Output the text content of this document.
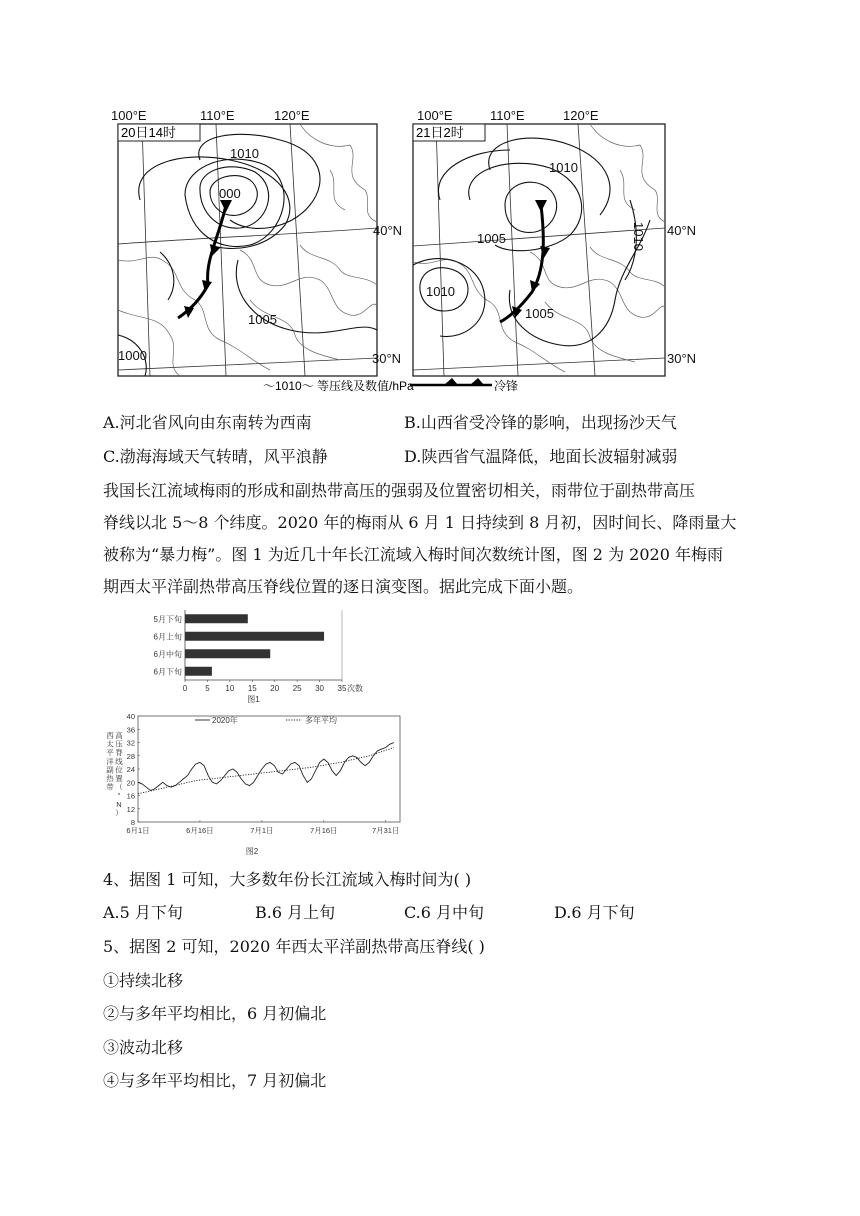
100°E	110°E	120°E
40°N
30°N
1010
000
1005
1000
100°E	110°E	120°E
40°N
30°N
1010
1005
1010
1005
1010
20日14时	21日2时
～1010～ 等压线及数值/hPa	冷锋
A.河北省风向由东南转为西南	B.山西省受冷锋的影响，出现扬沙天气
C.渤海海域天气转晴，风平浪静	D.陕西省气温降低，地面长波辐射减弱
我国长江流域梅雨的形成和副热带高压的强弱及位置密切相关，雨带位于副热带高压
脊线以北 5～8 个纬度。2020 年的梅雨从 6 月 1 日持续到 8 月初，因时间长、降雨量大
被称为“暴力梅”。图 1 为近几十年长江流域入梅时间次数统计图，图 2 为 2020 年梅雨
期西太平洋副热带高压脊线位置的逐日演变图。据此完成下面小题。
0 5 10 15 20 25 30 35 次数
5月下旬
6月上旬
6月中旬
6月下旬
图1
8
12
16
20
24
28
32
36
40
6月1日	6月16日	7月1日	7月16日	7月31日
西
太
平
洋
副
热
带
高
压
脊
线
位
置
（
°
N
）
2020年	多年平均
图2
4、据图 1 可知，大多数年份长江流域入梅时间为( )
A.5 月下旬	B.6 月上旬	C.6 月中旬	D.6 月下旬
5、据图 2 可知，2020 年西太平洋副热带高压脊线( )
①持续北移
②与多年平均相比，6 月初偏北
③波动北移
④与多年平均相比，7 月初偏北
